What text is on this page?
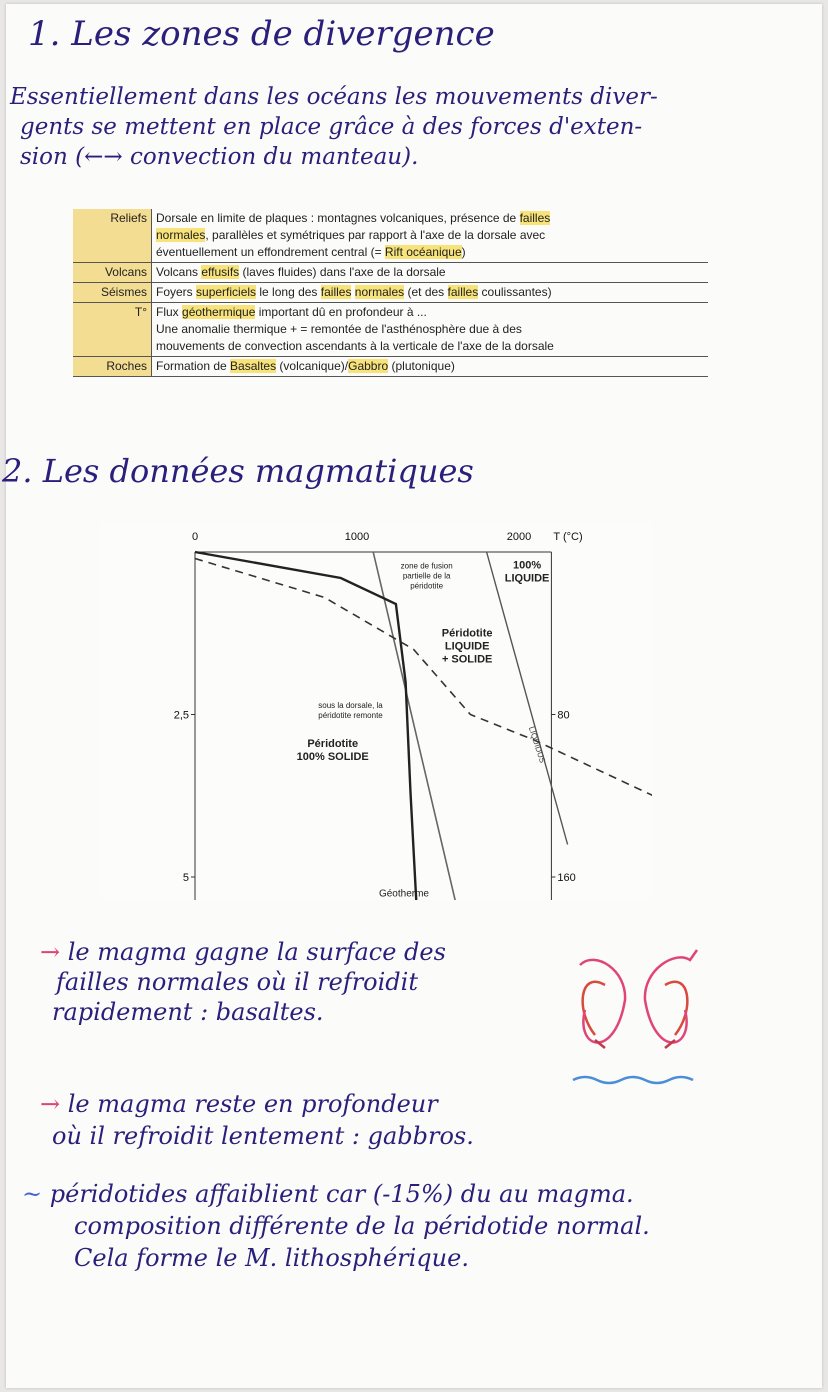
1. Les zones de divergence
Essentiellement dans les océans les mouvements diver-
gents se mettent en place grâce à des forces d'exten-
sion (←→ convection du manteau).
Reliefs	Dorsale en limite de plaques : montagnes volcaniques, présence de failles
normales, parallèles et symétriques par rapport à l'axe de la dorsale avec
éventuellement un effondrement central (= Rift océanique)

Volcans	Volcans effusifs (laves fluides) dans l'axe de la dorsale

Séismes	Foyers superficiels le long des failles normales (et des failles coulissantes)

T°	Flux géothermique important dû en profondeur à ...
Une anomalie thermique + = remontée de l'asthénosphère due à des
mouvements de convection ascendants à la verticale de l'axe de la dorsale

Roches	Formation de Basaltes (volcanique)/Gabbro (plutonique)
2. Les données magmatiques
0	1000	2000 T (°C)
2,5	80
5	160
zone de fusion
partielle de la
péridotite
100%
LIQUIDE
Péridotite
LIQUIDE
+ SOLIDE
sous la dorsale, la
péridotite remonte
Péridotite
100% SOLIDE
Géotherme
LIQUIDUS
→ le magma gagne la surface des
failles normales où il refroidit
rapidement : basaltes.
→ le magma reste en profondeur
où il refroidit lentement : gabbros.
~ péridotides affaiblient car (-15%) du au magma.
composition différente de la péridotide normal.
Cela forme le M. lithosphérique.
